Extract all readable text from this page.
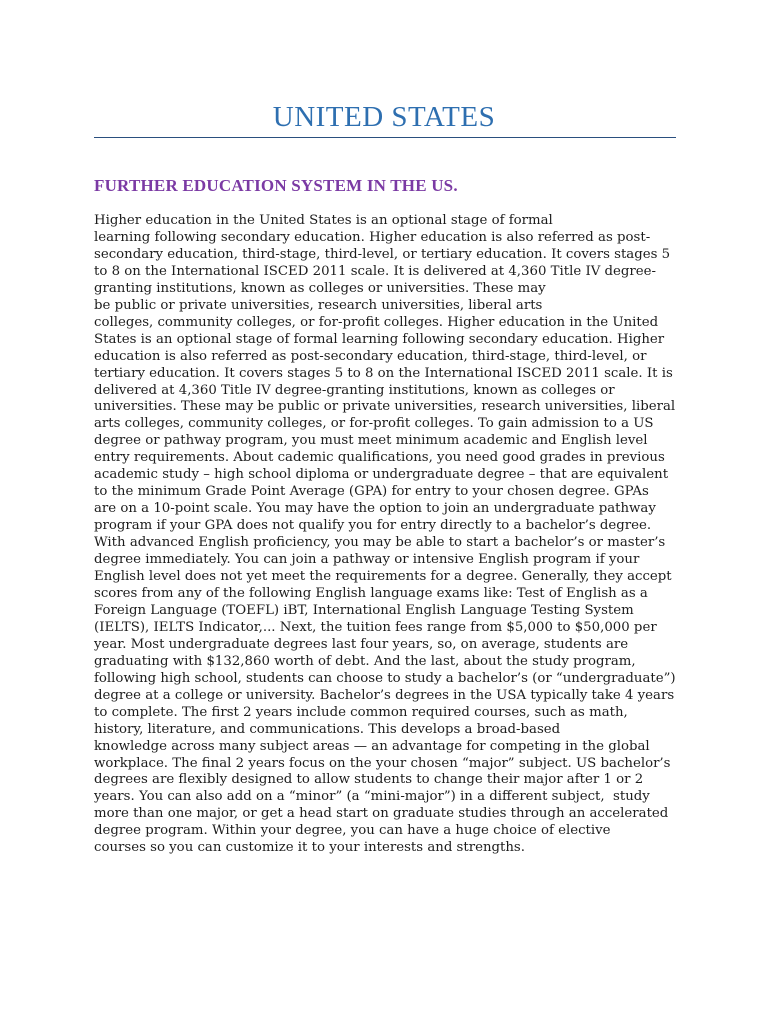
UNITED STATES
FURTHER EDUCATION SYSTEM IN THE US.
Higher education in the United States is an optional stage of formal
learning following secondary education. Higher education is also referred as post-
secondary education, third-stage, third-level, or tertiary education. It covers stages 5
to 8 on the International ISCED 2011 scale. It is delivered at 4,360 Title IV degree-
granting institutions, known as colleges or universities. These may
be public or private universities, research universities, liberal arts
colleges, community colleges, or for-profit colleges. Higher education in the United
States is an optional stage of formal learning following secondary education. Higher
education is also referred as post-secondary education, third-stage, third-level, or
tertiary education. It covers stages 5 to 8 on the International ISCED 2011 scale. It is
delivered at 4,360 Title IV degree-granting institutions, known as colleges or
universities. These may be public or private universities, research universities, liberal
arts colleges, community colleges, or for-profit colleges. To gain admission to a US
degree or pathway program, you must meet minimum academic and English level
entry requirements. About cademic qualifications, you need good grades in previous
academic study – high school diploma or undergraduate degree – that are equivalent
to the minimum Grade Point Average (GPA) for entry to your chosen degree. GPAs
are on a 10-point scale. You may have the option to join an undergraduate pathway
program if your GPA does not qualify you for entry directly to a bachelor’s degree.
With advanced English proficiency, you may be able to start a bachelor’s or master’s
degree immediately. You can join a pathway or intensive English program if your
English level does not yet meet the requirements for a degree. Generally, they accept
scores from any of the following English language exams like: Test of English as a
Foreign Language (TOEFL) iBT, International English Language Testing System
(IELTS), IELTS Indicator,... Next, the tuition fees range from $5,000 to $50,000 per
year. Most undergraduate degrees last four years, so, on average, students are
graduating with $132,860 worth of debt. And the last, about the study program,
following high school, students can choose to study a bachelor’s (or “undergraduate”)
degree at a college or university. Bachelor’s degrees in the USA typically take 4 years
to complete. The first 2 years include common required courses, such as math,
history, literature, and communications. This develops a broad-based
knowledge across many subject areas — an advantage for competing in the global
workplace. The final 2 years focus on the your chosen “major” subject. US bachelor’s
degrees are flexibly designed to allow students to change their major after 1 or 2
years. You can also add on a “minor” (a “mini-major”) in a different subject,  study
more than one major, or get a head start on graduate studies through an accelerated
degree program. Within your degree, you can have a huge choice of elective
courses so you can customize it to your interests and strengths.
